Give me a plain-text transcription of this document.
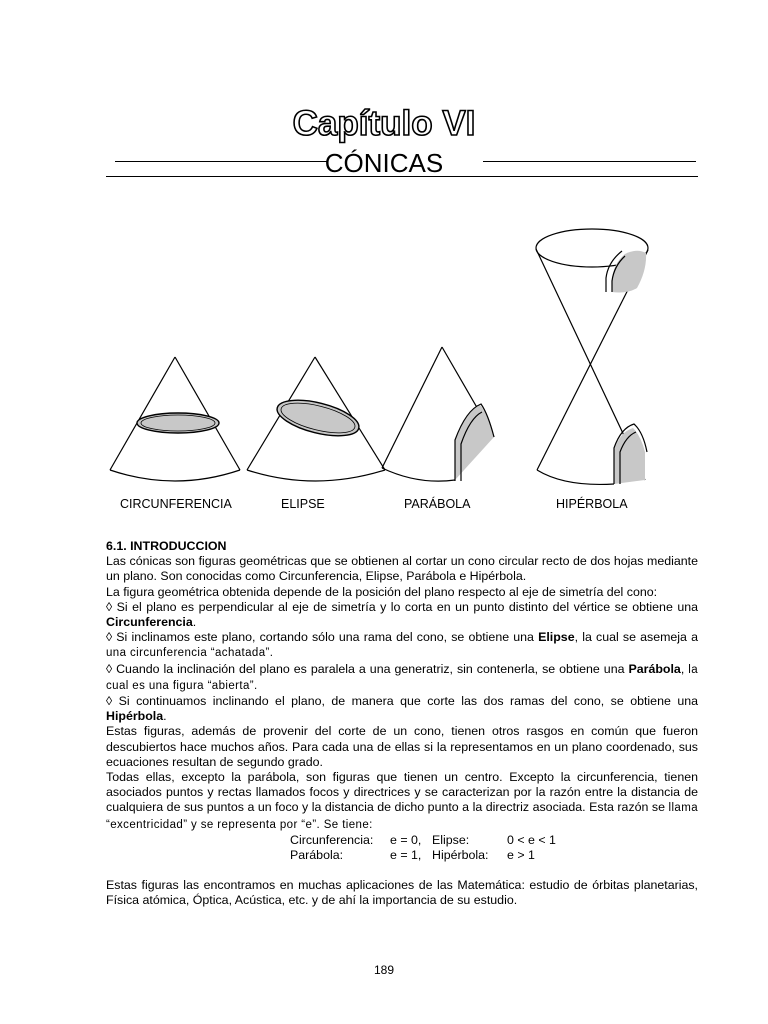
Capítulo VI
CÓNICAS
CIRCUNFERENCIA	ELIPSE	PARÁBOLA	HIPÉRBOLA

6.1. INTRODUCCION

Las cónicas son figuras geométricas que se obtienen al cortar un cono circular recto de dos hojas mediante un plano. Son conocidas como Circunferencia, Elipse, Parábola e Hipérbola.

La figura geométrica obtenida depende de la posición del plano respecto al eje de simetría del cono:

◊ Si el plano es perpendicular al eje de simetría y lo corta en un punto distinto del vértice se obtiene una Circunferencia.

◊ Si inclinamos este plano, cortando sólo una rama del cono, se obtiene una Elipse, la cual se asemeja a una circunferencia “achatada”.

◊ Cuando la inclinación del plano es paralela a una generatriz, sin contenerla, se obtiene una Parábola, la cual es una figura “abierta”.

◊ Si continuamos inclinando el plano, de manera que corte las dos ramas del cono, se obtiene una Hipérbola.

Estas figuras, además de provenir del corte de un cono, tienen otros rasgos en común que fueron descubiertos hace muchos años. Para cada una de ellas si la representamos en un plano coordenado, sus ecuaciones resultan de segundo grado.

Todas ellas, excepto la parábola, son figuras que tienen un centro. Excepto la circunferencia, tienen asociados puntos y rectas llamados focos y directrices y se caracterizan por la razón entre la distancia de cualquiera de sus puntos a un foco y la distancia de dicho punto a la directriz asociada. Esta razón se llama “excentricidad” y se representa por “e”. Se tiene:

Circunferencia:	e = 0, Elipse:	0 < e < 1
Parábola:	e = 1, Hipérbola:	e > 1

Estas figuras las encontramos en muchas aplicaciones de las Matemática: estudio de órbitas planetarias, Física atómica, Óptica, Acústica, etc. y de ahí la importancia de su estudio.

189
